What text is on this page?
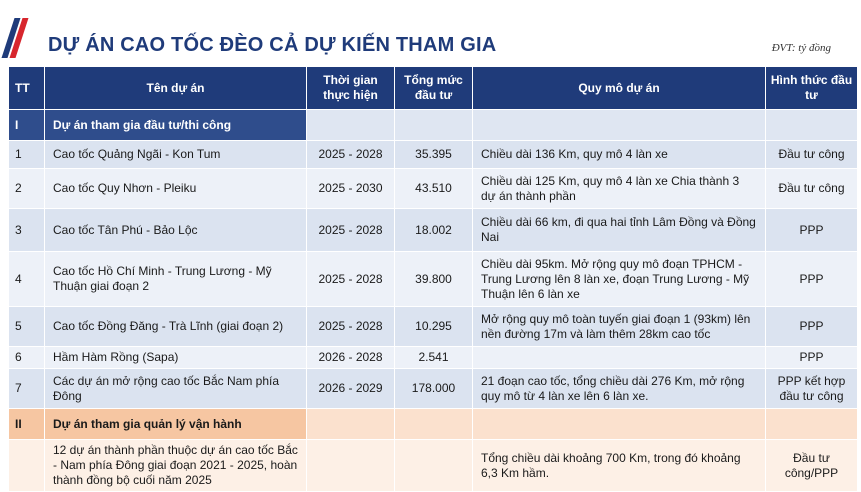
DỰ ÁN CAO TỐC ĐÈO CẢ DỰ KIẾN THAM GIA	ĐVT: tỷ đồng
TT	Tên dự án	Thời gian thực hiện	Tổng mức đầu tư	Quy mô dự án	Hình thức đầu tư
I	Dự án tham gia đầu tư/thi công				
1	Cao tốc Quảng Ngãi - Kon Tum	2025 - 2028	35.395	Chiều dài 136 Km, quy mô 4 làn xe	Đầu tư công
2	Cao tốc Quy Nhơn - Pleiku	2025 - 2030	43.510	Chiều dài 125 Km, quy mô 4 làn xe Chia thành 3 dự án thành phần	Đầu tư công
3	Cao tốc Tân Phú - Bảo Lộc	2025 - 2028	18.002	Chiều dài 66 km, đi qua hai tỉnh Lâm Đồng và Đồng Nai	PPP
4	Cao tốc Hồ Chí Minh - Trung Lương - Mỹ Thuận giai đoạn 2	2025 - 2028	39.800	Chiều dài 95km. Mở rộng quy mô đoạn TPHCM - Trung Lương lên 8 làn xe, đoạn Trung Lương - Mỹ Thuận lên 6 làn xe	PPP
5	Cao tốc Đồng Đăng - Trà Lĩnh (giai đoạn 2)	2025 - 2028	10.295	Mở rộng quy mô toàn tuyến giai đoạn 1 (93km) lên nền đường 17m và làm thêm 28km cao tốc	PPP
6	Hầm Hàm Rồng (Sapa)	2026 - 2028	2.541		PPP
7	Các dự án mở rộng cao tốc Bắc Nam phía Đông	2026 - 2029	178.000	21 đoạn cao tốc, tổng chiều dài 276 Km, mở rộng quy mô từ 4 làn xe lên 6 làn xe.	PPP kết hợp đầu tư công
II	Dự án tham gia quản lý vận hành				
	12 dự án thành phần thuộc dự án cao tốc Bắc - Nam phía Đông giai đoạn 2021 - 2025, hoàn thành đồng bộ cuối năm 2025			Tổng chiều dài khoảng 700 Km, trong đó khoảng 6,3 Km hầm.	Đầu tư công/PPP
